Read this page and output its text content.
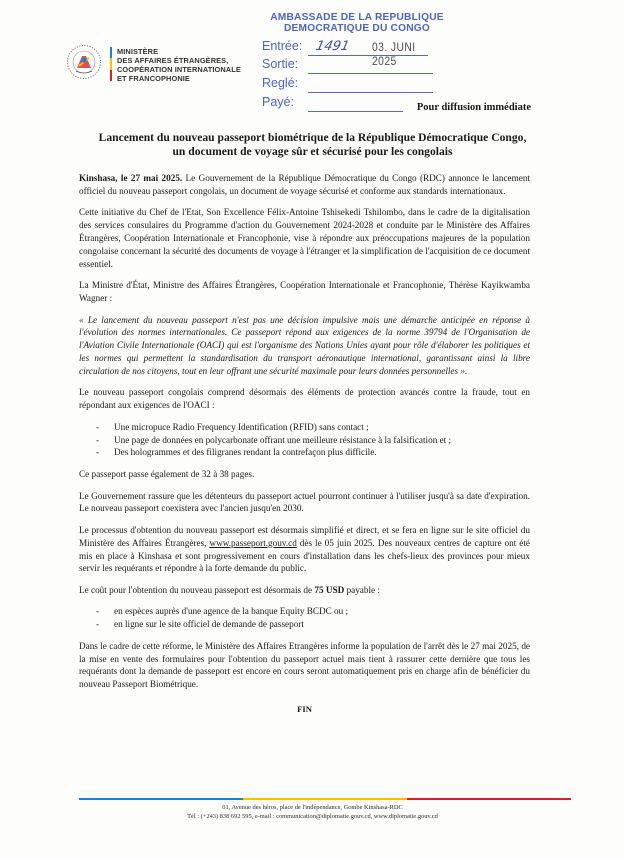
MINISTÈRE
DES AFFAIRES ÉTRANGÈRES,
COOPÉRATION INTERNATIONALE
ET FRANCOPHONIE
AMBASSADE DE LA REPUBLIQUE
DEMOCRATIQUE DU CONGO
Entrée: 1491 03. JUNI 2025
Sortie:
Reglé:
Payé:	Pour diffusion immédiate
Lancement du nouveau passeport biométrique de la République Démocratique Congo,
un document de voyage sûr et sécurisé pour les congolais

Kinshasa, le 27 mai 2025. Le Gouvernement de la République Démocratique du Congo (RDC) annonce le lancement officiel du nouveau passeport congolais, un document de voyage sécurisé et conforme aux standards internationaux.

Cette initiative du Chef de l'Etat, Son Excellence Félix-Antoine Tshisekedi Tshilombo, dans le cadre de la digitalisation des services consulaires du Programme d'action du Gouvernement 2024-2028 et conduite par le Ministère des Affaires Étrangères, Coopération Internationale et Francophonie, vise à répondre aux préoccupations majeures de la population congolaise concernant la sécurité des documents de voyage à l'étranger et la simplification de l'acquisition de ce document essentiel.

La Ministre d'État, Ministre des Affaires Étrangères, Coopération Internationale et Francophonie, Thérèse Kayikwamba Wagner :

« Le lancement du nouveau passeport n'est pas une décision impulsive mais une démarche anticipée en réponse à l'évolution des normes internationales. Ce passeport répond aux exigences de la norme 39794 de l'Organisation de l'Aviation Civile Internationale (OACI) qui est l'organisme des Nations Unies ayant pour rôle d'élaborer les politiques et les normes qui permettent la standardisation du transport aéronautique international, garantissant ainsi la libre circulation de nos citoyens, tout en leur offrant une sécurité maximale pour leurs données personnelles ».

Le nouveau passeport congolais comprend désormais des éléments de protection avancés contre la fraude, tout en répondant aux exigences de l'OACI :

- Une micropuce Radio Frequency Identification (RFID) sans contact ;
- Une page de données en polycarbonate offrant une meilleure résistance à la falsification et ;
- Des hologrammes et des filigranes rendant la contrefaçon plus difficile.

Ce passeport passe également de 32 à 38 pages.

Le Gouvernement rassure que les détenteurs du passeport actuel pourront continuer à l'utiliser jusqu'à sa date d'expiration. Le nouveau passeport coexistera avec l'ancien jusqu'en 2030.

Le processus d'obtention du nouveau passeport est désormais simplifié et direct, et se fera en ligne sur le site officiel du Ministère des Affaires Étrangères, www.passeport.gouv.cd dès le 05 juin 2025. Des nouveaux centres de capture ont été mis en place à Kinshasa et sont progressivement en cours d'installation dans les chefs-lieux des provinces pour mieux servir les requérants et répondre à la forte demande du public.

Le coût pour l'obtention du nouveau passeport est désormais de 75 USD payable :

- en espèces auprès d'une agence de la banque Equity BCDC ou ;
- en ligne sur le site officiel de demande de passeport

Dans le cadre de cette réforme, le Ministère des Affaires Etrangères informe la population de l'arrêt dès le 27 mai 2025, de la mise en vente des formulaires pour l'obtention du passeport actuel mais tient à rassurer cette dernière que tous les requérants dont la demande de passeport est encore en cours seront automatiquement pris en charge afin de bénéficier du nouveau Passeport Biométrique.

FIN
01, Avenue des héros, place de l'indépendance, Gombe Kinshasa-RDC
Tél : (+243) 838 692 595, e-mail : communication@diplomatie.gouv.cd, www.diplomatie.gouv.cd
